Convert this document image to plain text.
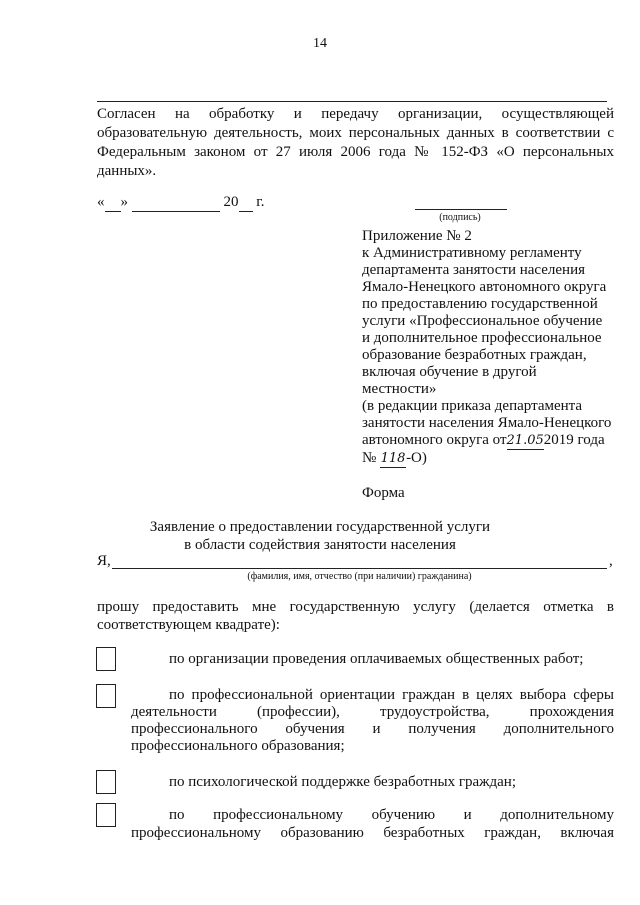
14
Согласен на обработку и передачу организации, осуществляющей
образовательную деятельность, моих персональных данных в соответствии с
Федеральным законом от 27 июля 2006 года № 152-ФЗ «О персональных
данных».
« »	20 г.
(подпись)
Приложение № 2
к Административному регламенту
департамента занятости населения
Ямало-Ненецкого автономного округа
по предоставлению государственной
услуги «Профессиональное обучение
и дополнительное профессиональное
образование безработных граждан,
включая обучение в другой
местности»
(в редакции приказа департамента
занятости населения Ямало-Ненецкого
автономного округа от21.052019 года
№ 118-О)
Форма
Заявление о предоставлении государственной услуги
в области содействия занятости населения
Я,	,
(фамилия, имя, отчество (при наличии) гражданина)
прошу предоставить мне государственную услугу (делается отметка в
соответствующем квадрате):
по организации проведения оплачиваемых общественных работ;
по профессиональной ориентации граждан в целях выбора сферы
деятельности (профессии), трудоустройства, прохождения
профессионального обучения и получения дополнительного
профессионального образования;
по психологической поддержке безработных граждан;
по профессиональному обучению и дополнительному
профессиональному образованию безработных граждан, включая
